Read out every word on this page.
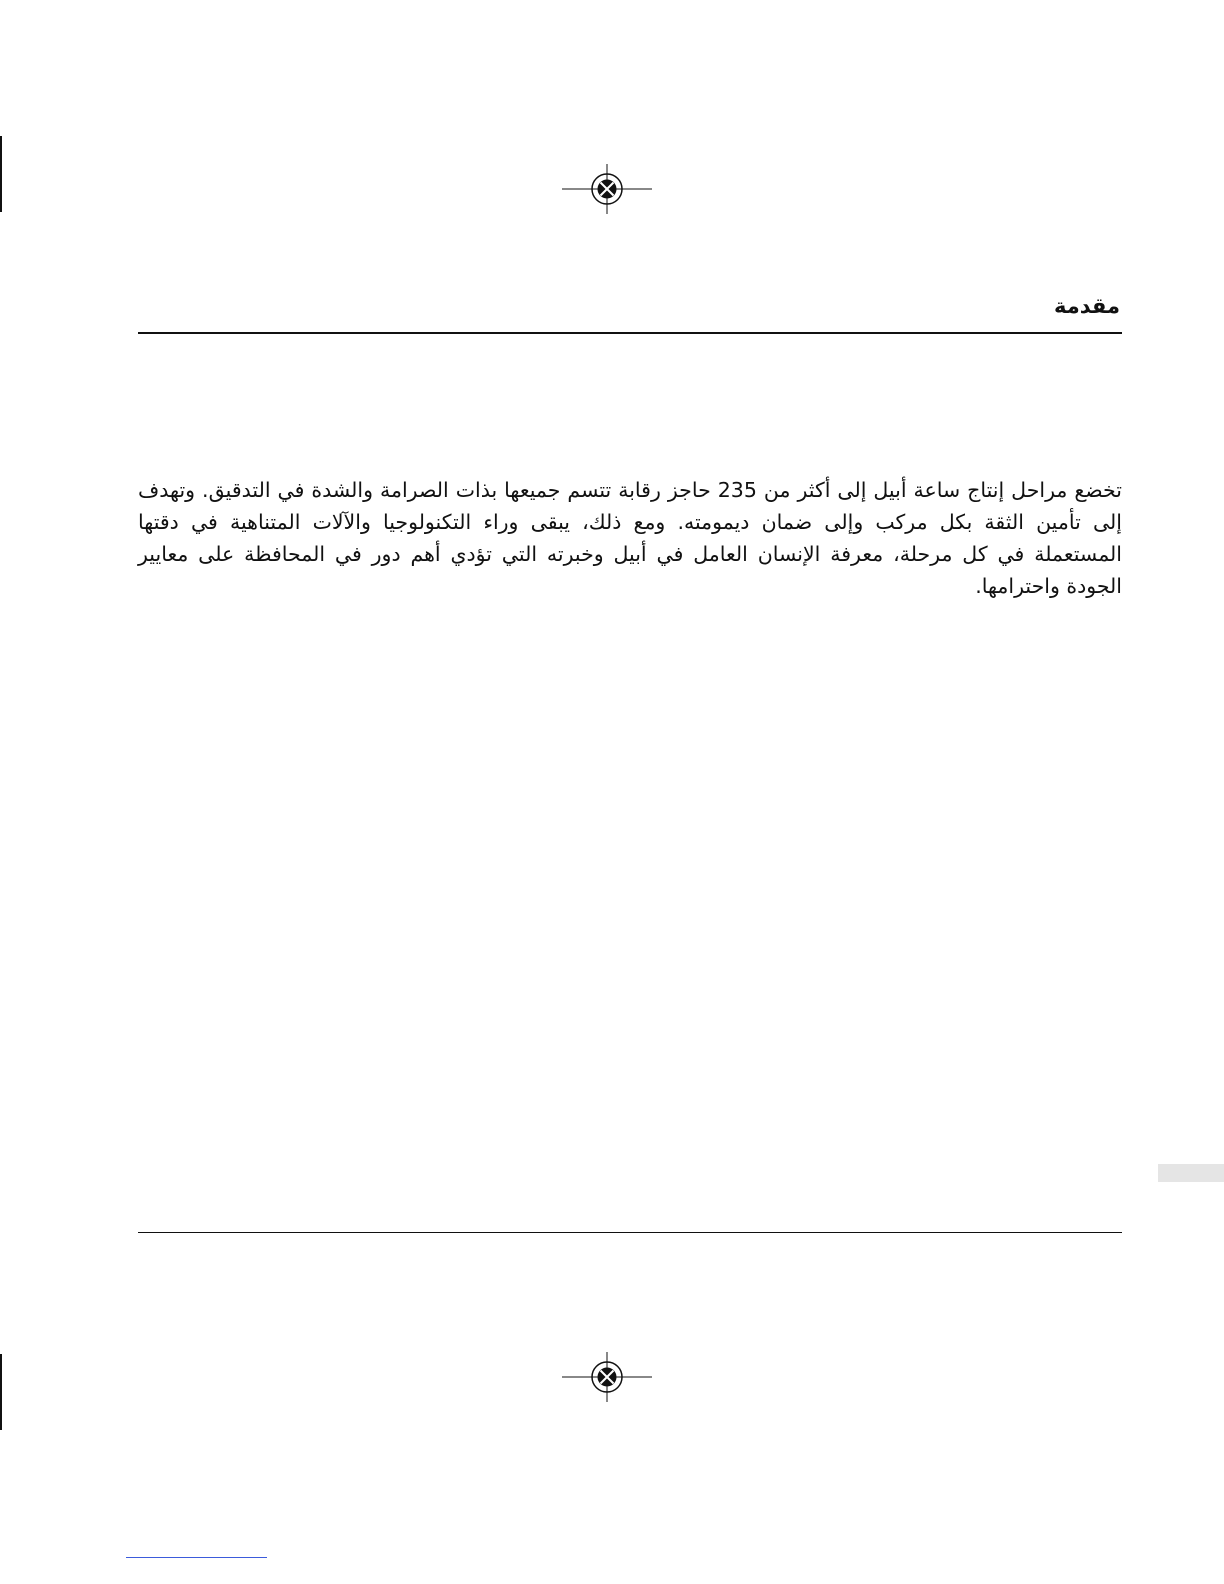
مقدمة

تخضع مراحل إنتاج ساعة أبيل إلى أكثر من 235 حاجز رقابة تتسم جميعها بذات الصرامة والشدة في التدقيق. وتهدف إلى تأمين الثقة بكل مركب وإلى ضمان ديمومته. ومع ذلك، يبقى وراء التكنولوجيا والآلات المتناهية في دقتها المستعملة في كل مرحلة، معرفة الإنسان العامل في أبيل وخبرته التي تؤدي أهم دور في المحافظة على معايير الجودة واحترامها.
